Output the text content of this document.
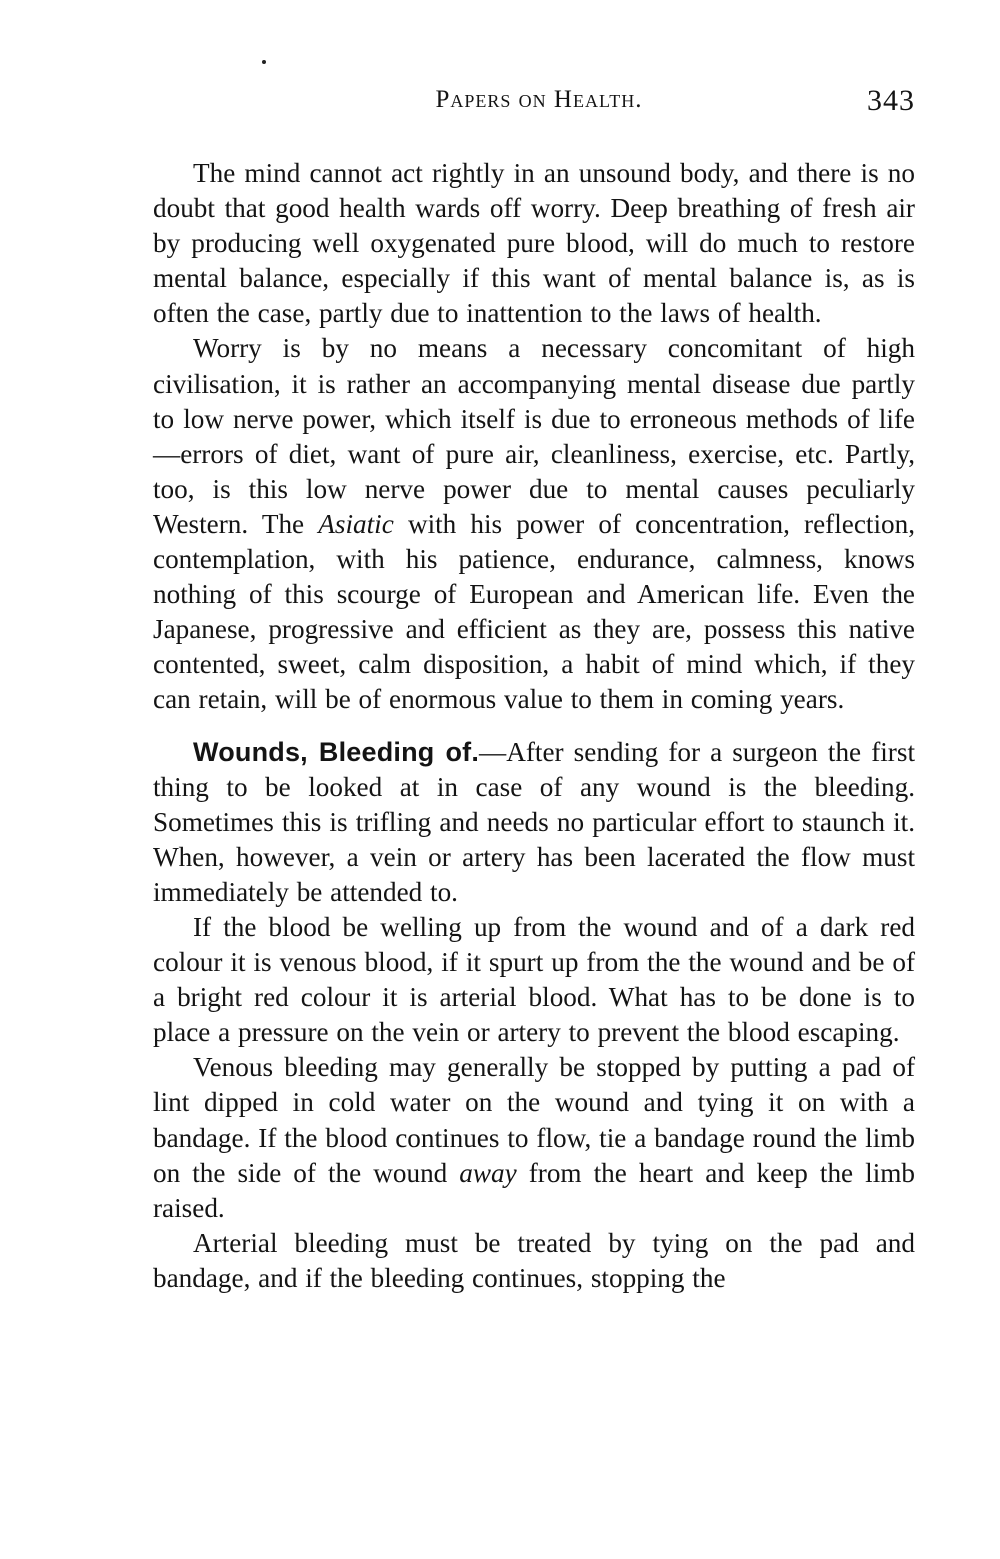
Papers on Health.	343

The mind cannot act rightly in an unsound body, and there is no doubt that good health wards off worry. Deep breathing of fresh air by producing well oxygenated pure blood, will do much to restore mental balance, especially if this want of mental balance is, as is often the case, partly due to inattention to the laws of health.

Worry is by no means a necessary concomitant of high civilisation, it is rather an accompanying mental disease due partly to low nerve power, which itself is due to erroneous methods of life—errors of diet, want of pure air, cleanliness, exercise, etc. Partly, too, is this low nerve power due to mental causes peculiarly Western. The Asiatic with his power of concentration, reflection, contemplation, with his patience, endurance, calmness, knows nothing of this scourge of European and American life. Even the Japanese, progressive and efficient as they are, possess this native contented, sweet, calm disposition, a habit of mind which, if they can retain, will be of enormous value to them in coming years.

Wounds, Bleeding of.—After sending for a surgeon the first thing to be looked at in case of any wound is the bleeding. Sometimes this is trifling and needs no particular effort to staunch it. When, however, a vein or artery has been lacerated the flow must immediately be attended to.

If the blood be welling up from the wound and of a dark red colour it is venous blood, if it spurt up from the the wound and be of a bright red colour it is arterial blood. What has to be done is to place a pressure on the vein or artery to prevent the blood escaping.

Venous bleeding may generally be stopped by putting a pad of lint dipped in cold water on the wound and tying it on with a bandage. If the blood continues to flow, tie a bandage round the limb on the side of the wound away from the heart and keep the limb raised.

Arterial bleeding must be treated by tying on the pad and bandage, and if the bleeding continues, stopping the
